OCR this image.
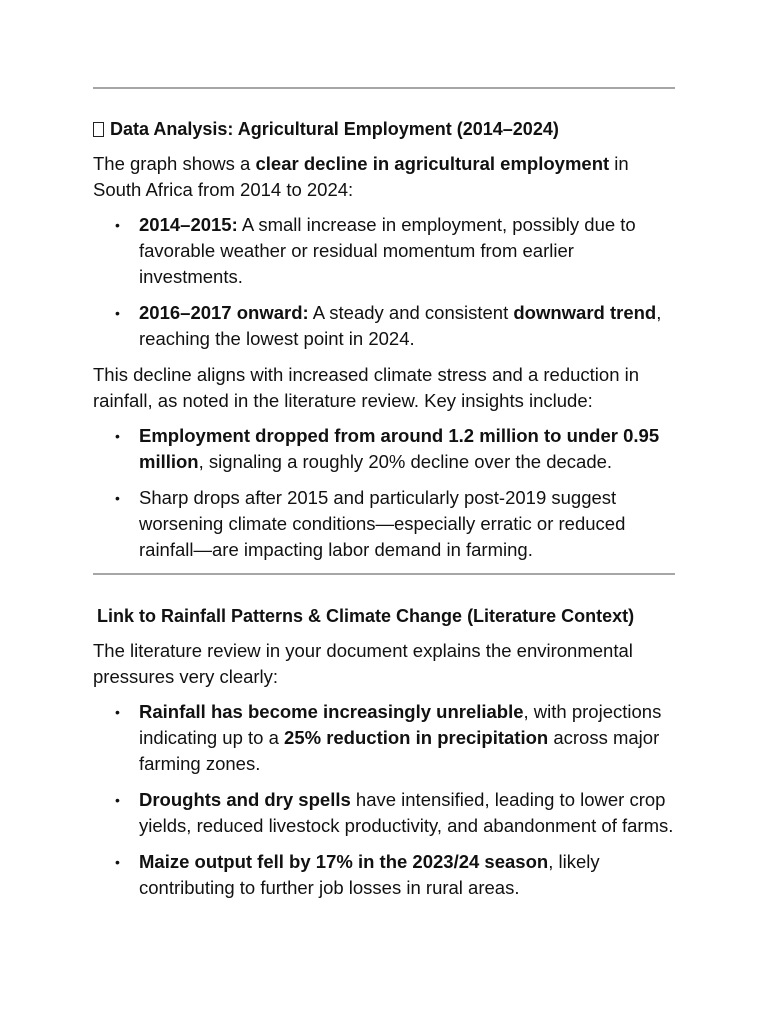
Data Analysis: Agricultural Employment (2014–2024)

The graph shows a clear decline in agricultural employment in South Africa from 2014 to 2024:

• 2014–2015: A small increase in employment, possibly due to favorable weather or residual momentum from earlier investments.
• 2016–2017 onward: A steady and consistent downward trend, reaching the lowest point in 2024.

This decline aligns with increased climate stress and a reduction in rainfall, as noted in the literature review. Key insights include:

• Employment dropped from around 1.2 million to under 0.95 million, signaling a roughly 20% decline over the decade.
• Sharp drops after 2015 and particularly post-2019 suggest worsening climate conditions—especially erratic or reduced rainfall—are impacting labor demand in farming.
Link to Rainfall Patterns & Climate Change (Literature Context)

The literature review in your document explains the environmental pressures very clearly:

• Rainfall has become increasingly unreliable, with projections indicating up to a 25% reduction in precipitation across major farming zones.
• Droughts and dry spells have intensified, leading to lower crop yields, reduced livestock productivity, and abandonment of farms.
• Maize output fell by 17% in the 2023/24 season, likely contributing to further job losses in rural areas.
